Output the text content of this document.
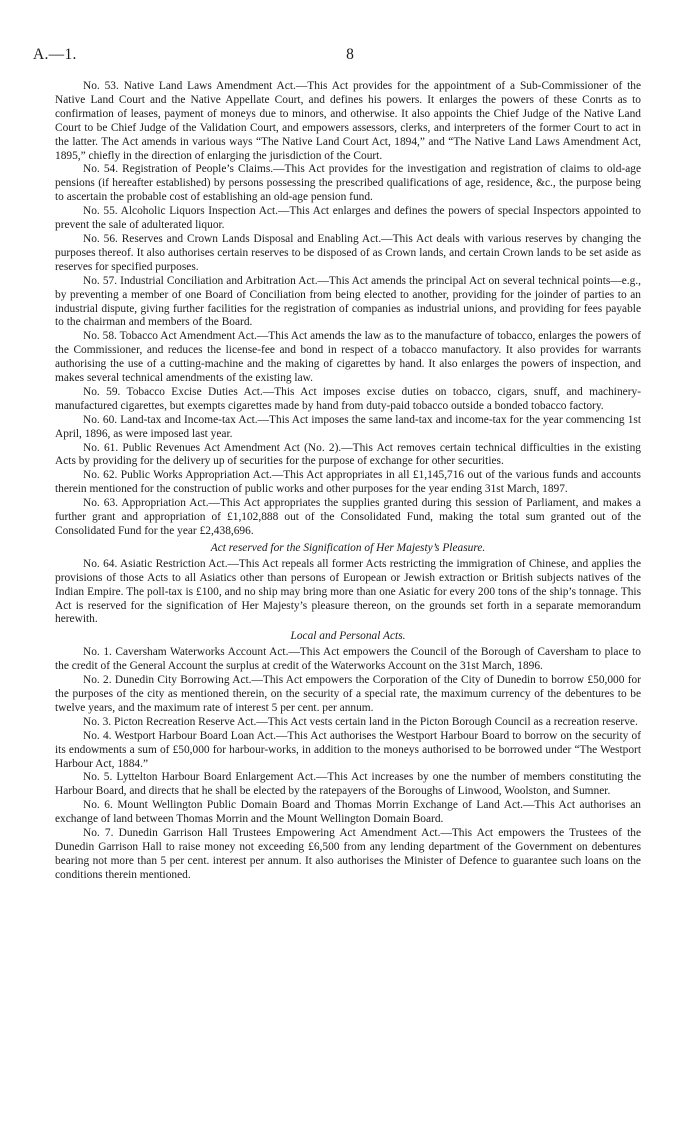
A.—1.	8

No. 53. Native Land Laws Amendment Act.—This Act provides for the appointment of a Sub-Commissioner of the Native Land Court and the Native Appellate Court, and defines his powers. It enlarges the powers of these Conrts as to confirmation of leases, payment of moneys due to minors, and otherwise. It also appoints the Chief Judge of the Native Land Court to be Chief Judge of the Validation Court, and empowers assessors, clerks, and interpreters of the former Court to act in the latter. The Act amends in various ways “The Native Land Court Act, 1894,” and “The Native Land Laws Amendment Act, 1895,” chiefly in the direction of enlarging the jurisdiction of the Court.

No. 54. Registration of People’s Claims.—This Act provides for the investigation and registration of claims to old-age pensions (if hereafter established) by persons possessing the prescribed qualifications of age, residence, &c., the purpose being to ascertain the probable cost of establishing an old-age pension fund.

No. 55. Alcoholic Liquors Inspection Act.—This Act enlarges and defines the powers of special Inspectors appointed to prevent the sale of adulterated liquor.

No. 56. Reserves and Crown Lands Disposal and Enabling Act.—This Act deals with various reserves by changing the purposes thereof. It also authorises certain reserves to be disposed of as Crown lands, and certain Crown lands to be set aside as reserves for specified purposes.

No. 57. Industrial Conciliation and Arbitration Act.—This Act amends the principal Act on several technical points—e.g., by preventing a member of one Board of Conciliation from being elected to another, providing for the joinder of parties to an industrial dispute, giving further facilities for the registration of companies as industrial unions, and providing for fees payable to the chairman and members of the Board.

No. 58. Tobacco Act Amendment Act.—This Act amends the law as to the manufacture of tobacco, enlarges the powers of the Commissioner, and reduces the license-fee and bond in respect of a tobacco manufactory. It also provides for warrants authorising the use of a cutting-machine and the making of cigarettes by hand. It also enlarges the powers of inspection, and makes several technical amendments of the existing law.

No. 59. Tobacco Excise Duties Act.—This Act imposes excise duties on tobacco, cigars, snuff, and machinery-manufactured cigarettes, but exempts cigarettes made by hand from duty-paid tobacco outside a bonded tobacco factory.

No. 60. Land-tax and Income-tax Act.—This Act imposes the same land-tax and income-tax for the year commencing 1st April, 1896, as were imposed last year.

No. 61. Public Revenues Act Amendment Act (No. 2).—This Act removes certain technical difficulties in the existing Acts by providing for the delivery up of securities for the purpose of exchange for other securities.

No. 62. Public Works Appropriation Act.—This Act appropriates in all £1,145,716 out of the various funds and accounts therein mentioned for the construction of public works and other purposes for the year ending 31st March, 1897.

No. 63. Appropriation Act.—This Act appropriates the supplies granted during this session of Parliament, and makes a further grant and appropriation of £1,102,888 out of the Consolidated Fund, making the total sum granted out of the Consolidated Fund for the year £2,438,696.

Act reserved for the Signification of Her Majesty’s Pleasure.

No. 64. Asiatic Restriction Act.—This Act repeals all former Acts restricting the immigration of Chinese, and applies the provisions of those Acts to all Asiatics other than persons of European or Jewish extraction or British subjects natives of the Indian Empire. The poll-tax is £100, and no ship may bring more than one Asiatic for every 200 tons of the ship’s tonnage. This Act is reserved for the signification of Her Majesty’s pleasure thereon, on the grounds set forth in a separate memorandum herewith.

Local and Personal Acts.

No. 1. Caversham Waterworks Account Act.—This Act empowers the Council of the Borough of Caversham to place to the credit of the General Account the surplus at credit of the Waterworks Account on the 31st March, 1896.

No. 2. Dunedin City Borrowing Act.—This Act empowers the Corporation of the City of Dunedin to borrow £50,000 for the purposes of the city as mentioned therein, on the security of a special rate, the maximum currency of the debentures to be twelve years, and the maximum rate of interest 5 per cent. per annum.

No. 3. Picton Recreation Reserve Act.—This Act vests certain land in the Picton Borough Council as a recreation reserve.

No. 4. Westport Harbour Board Loan Act.—This Act authorises the Westport Harbour Board to borrow on the security of its endowments a sum of £50,000 for harbour-works, in addition to the moneys authorised to be borrowed under “The Westport Harbour Act, 1884.”

No. 5. Lyttelton Harbour Board Enlargement Act.—This Act increases by one the number of members constituting the Harbour Board, and directs that he shall be elected by the ratepayers of the Boroughs of Linwood, Woolston, and Sumner.

No. 6. Mount Wellington Public Domain Board and Thomas Morrin Exchange of Land Act.—This Act authorises an exchange of land between Thomas Morrin and the Mount Wellington Domain Board.

No. 7. Dunedin Garrison Hall Trustees Empowering Act Amendment Act.—This Act empowers the Trustees of the Dunedin Garrison Hall to raise money not exceeding £6,500 from any lending department of the Government on debentures bearing not more than 5 per cent. interest per annum. It also authorises the Minister of Defence to guarantee such loans on the conditions therein mentioned.
